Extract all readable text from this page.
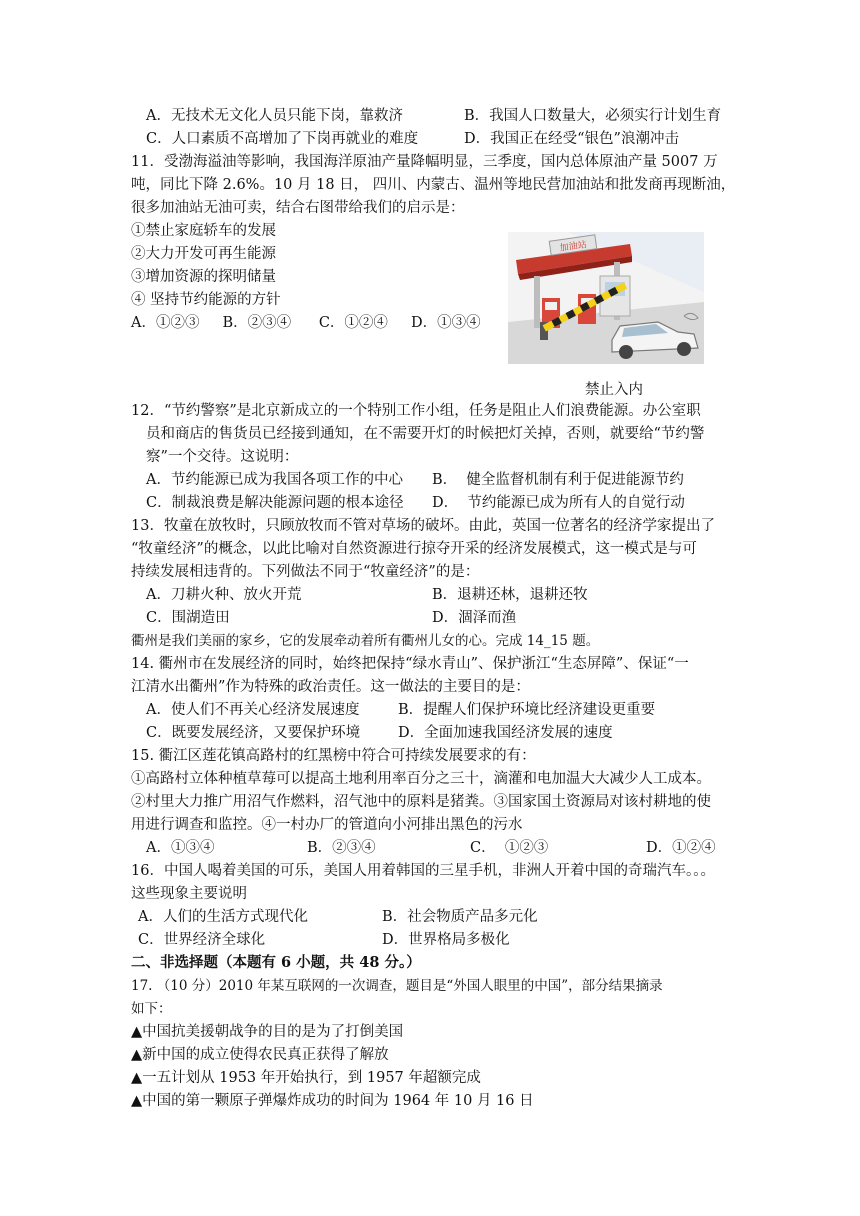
A．无技术无文化人员只能下岗，靠救济	B．我国人口数量大，必须实行计划生育
C．人口素质不高增加了下岗再就业的难度	D．我国正在经受“银色”浪潮冲击
11．受渤海溢油等影响，我国海洋原油产量降幅明显，三季度，国内总体原油产量 5007 万
吨，同比下降 2.6%。10 月 18 日， 四川、内蒙古、温州等地民营加油站和批发商再现断油，
很多加油站无油可卖，结合右图带给我们的启示是：
①禁止家庭轿车的发展
②大力开发可再生能源
③增加资源的探明储量
④ 坚持节约能源的方针
A．①②③     B．②③④      C．①②④     D．①③④
加油站
禁止入内
12．“节约警察”是北京新成立的一个特别工作小组，任务是阻止人们浪费能源。办公室职
员和商店的售货员已经接到通知，在不需要开灯的时候把灯关掉，否则，就要给“节约警
察”一个交待。这说明：
A．节约能源已成为我国各项工作的中心 B．  健全监督机制有利于促进能源节约
C．制裁浪费是解决能源问题的根本途径 D．  节约能源已成为所有人的自觉行动
13．牧童在放牧时，只顾放牧而不管对草场的破坏。由此，英国一位著名的经济学家提出了
“牧童经济”的概念，以此比喻对自然资源进行掠夺开采的经济发展模式，这一模式是与可
持续发展相违背的。下列做法不同于“牧童经济”的是：
A．刀耕火种、放火开荒	B．退耕还林，退耕还牧
C．围湖造田	D．涸泽而渔
衢州是我们美丽的家乡，它的发展牵动着所有衢州儿女的心。完成 14_15 题。
14. 衢州市在发展经济的同时，始终把保持“绿水青山”、保护浙江“生态屏障”、保证“一
江清水出衢州”作为特殊的政治责任。这一做法的主要目的是：
A．使人们不再关心经济发展速度	B．提醒人们保护环境比经济建设更重要
C．既要发展经济，又要保护环境	D．全面加速我国经济发展的速度
15. 衢江区莲花镇高路村的红黑榜中符合可持续发展要求的有：
①高路村立体种植草莓可以提高土地利用率百分之三十，滴灌和电加温大大减少人工成本。
②村里大力推广用沼气作燃料，沼气池中的原料是猪粪。③国家国土资源局对该村耕地的使
用进行调查和监控。④一村办厂的管道向小河排出黑色的污水
A．①③④	B．②③④	C．  ①②③	D．①②④
16．中国人喝着美国的可乐，美国人用着韩国的三星手机，非洲人开着中国的奇瑞汽车。。。
这些现象主要说明
A．人们的生活方式现代化	B．社会物质产品多元化
C．世界经济全球化	D．世界格局多极化
二、非选择题（本题有 6 小题，共 48 分。）
17. （10 分）2010 年某互联网的一次调查，题目是“外国人眼里的中国”，部分结果摘录
如下：
▲中国抗美援朝战争的目的是为了打倒美国
▲新中国的成立使得农民真正获得了解放
▲一五计划从 1953 年开始执行，到 1957 年超额完成
▲中国的第一颗原子弹爆炸成功的时间为 1964 年 10 月 16 日
